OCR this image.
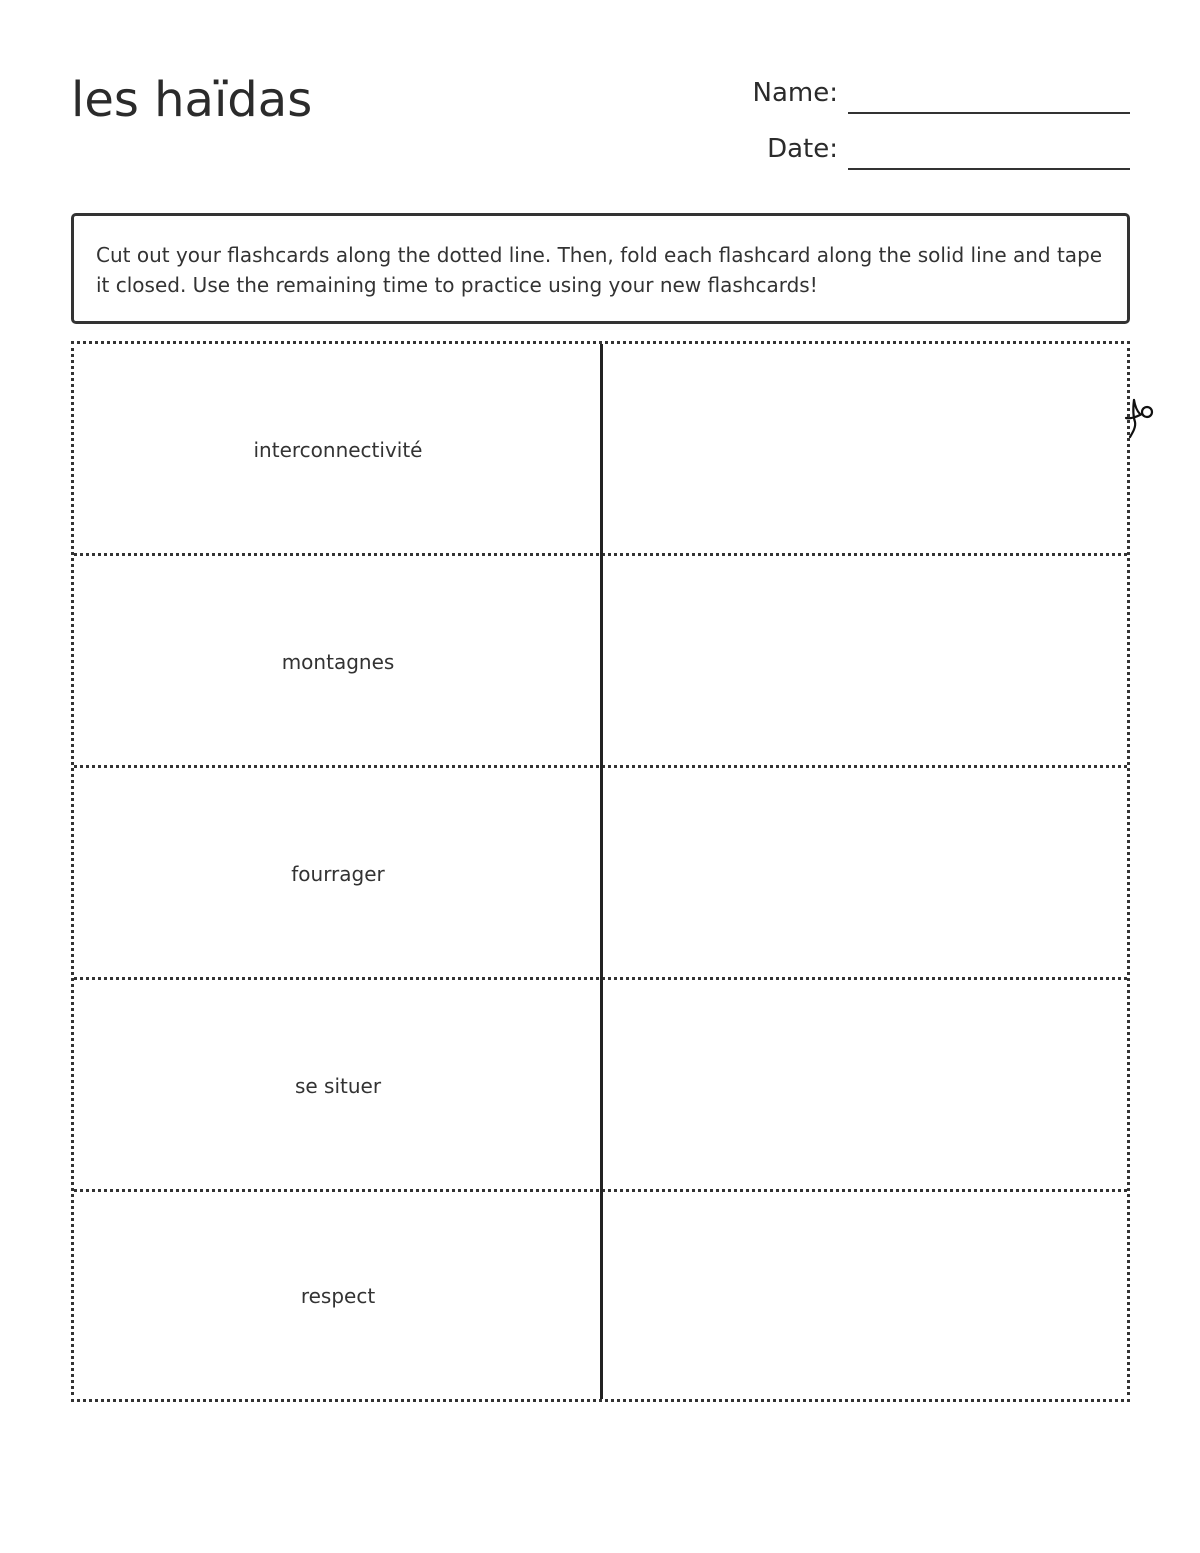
les haïdas	Name:
Date:
Cut out your flashcards along the dotted line. Then, fold each flashcard along the solid line and tape it closed. Use the remaining time to practice using your new flashcards!
interconnectivité
montagnes
fourrager
se situer
respect
